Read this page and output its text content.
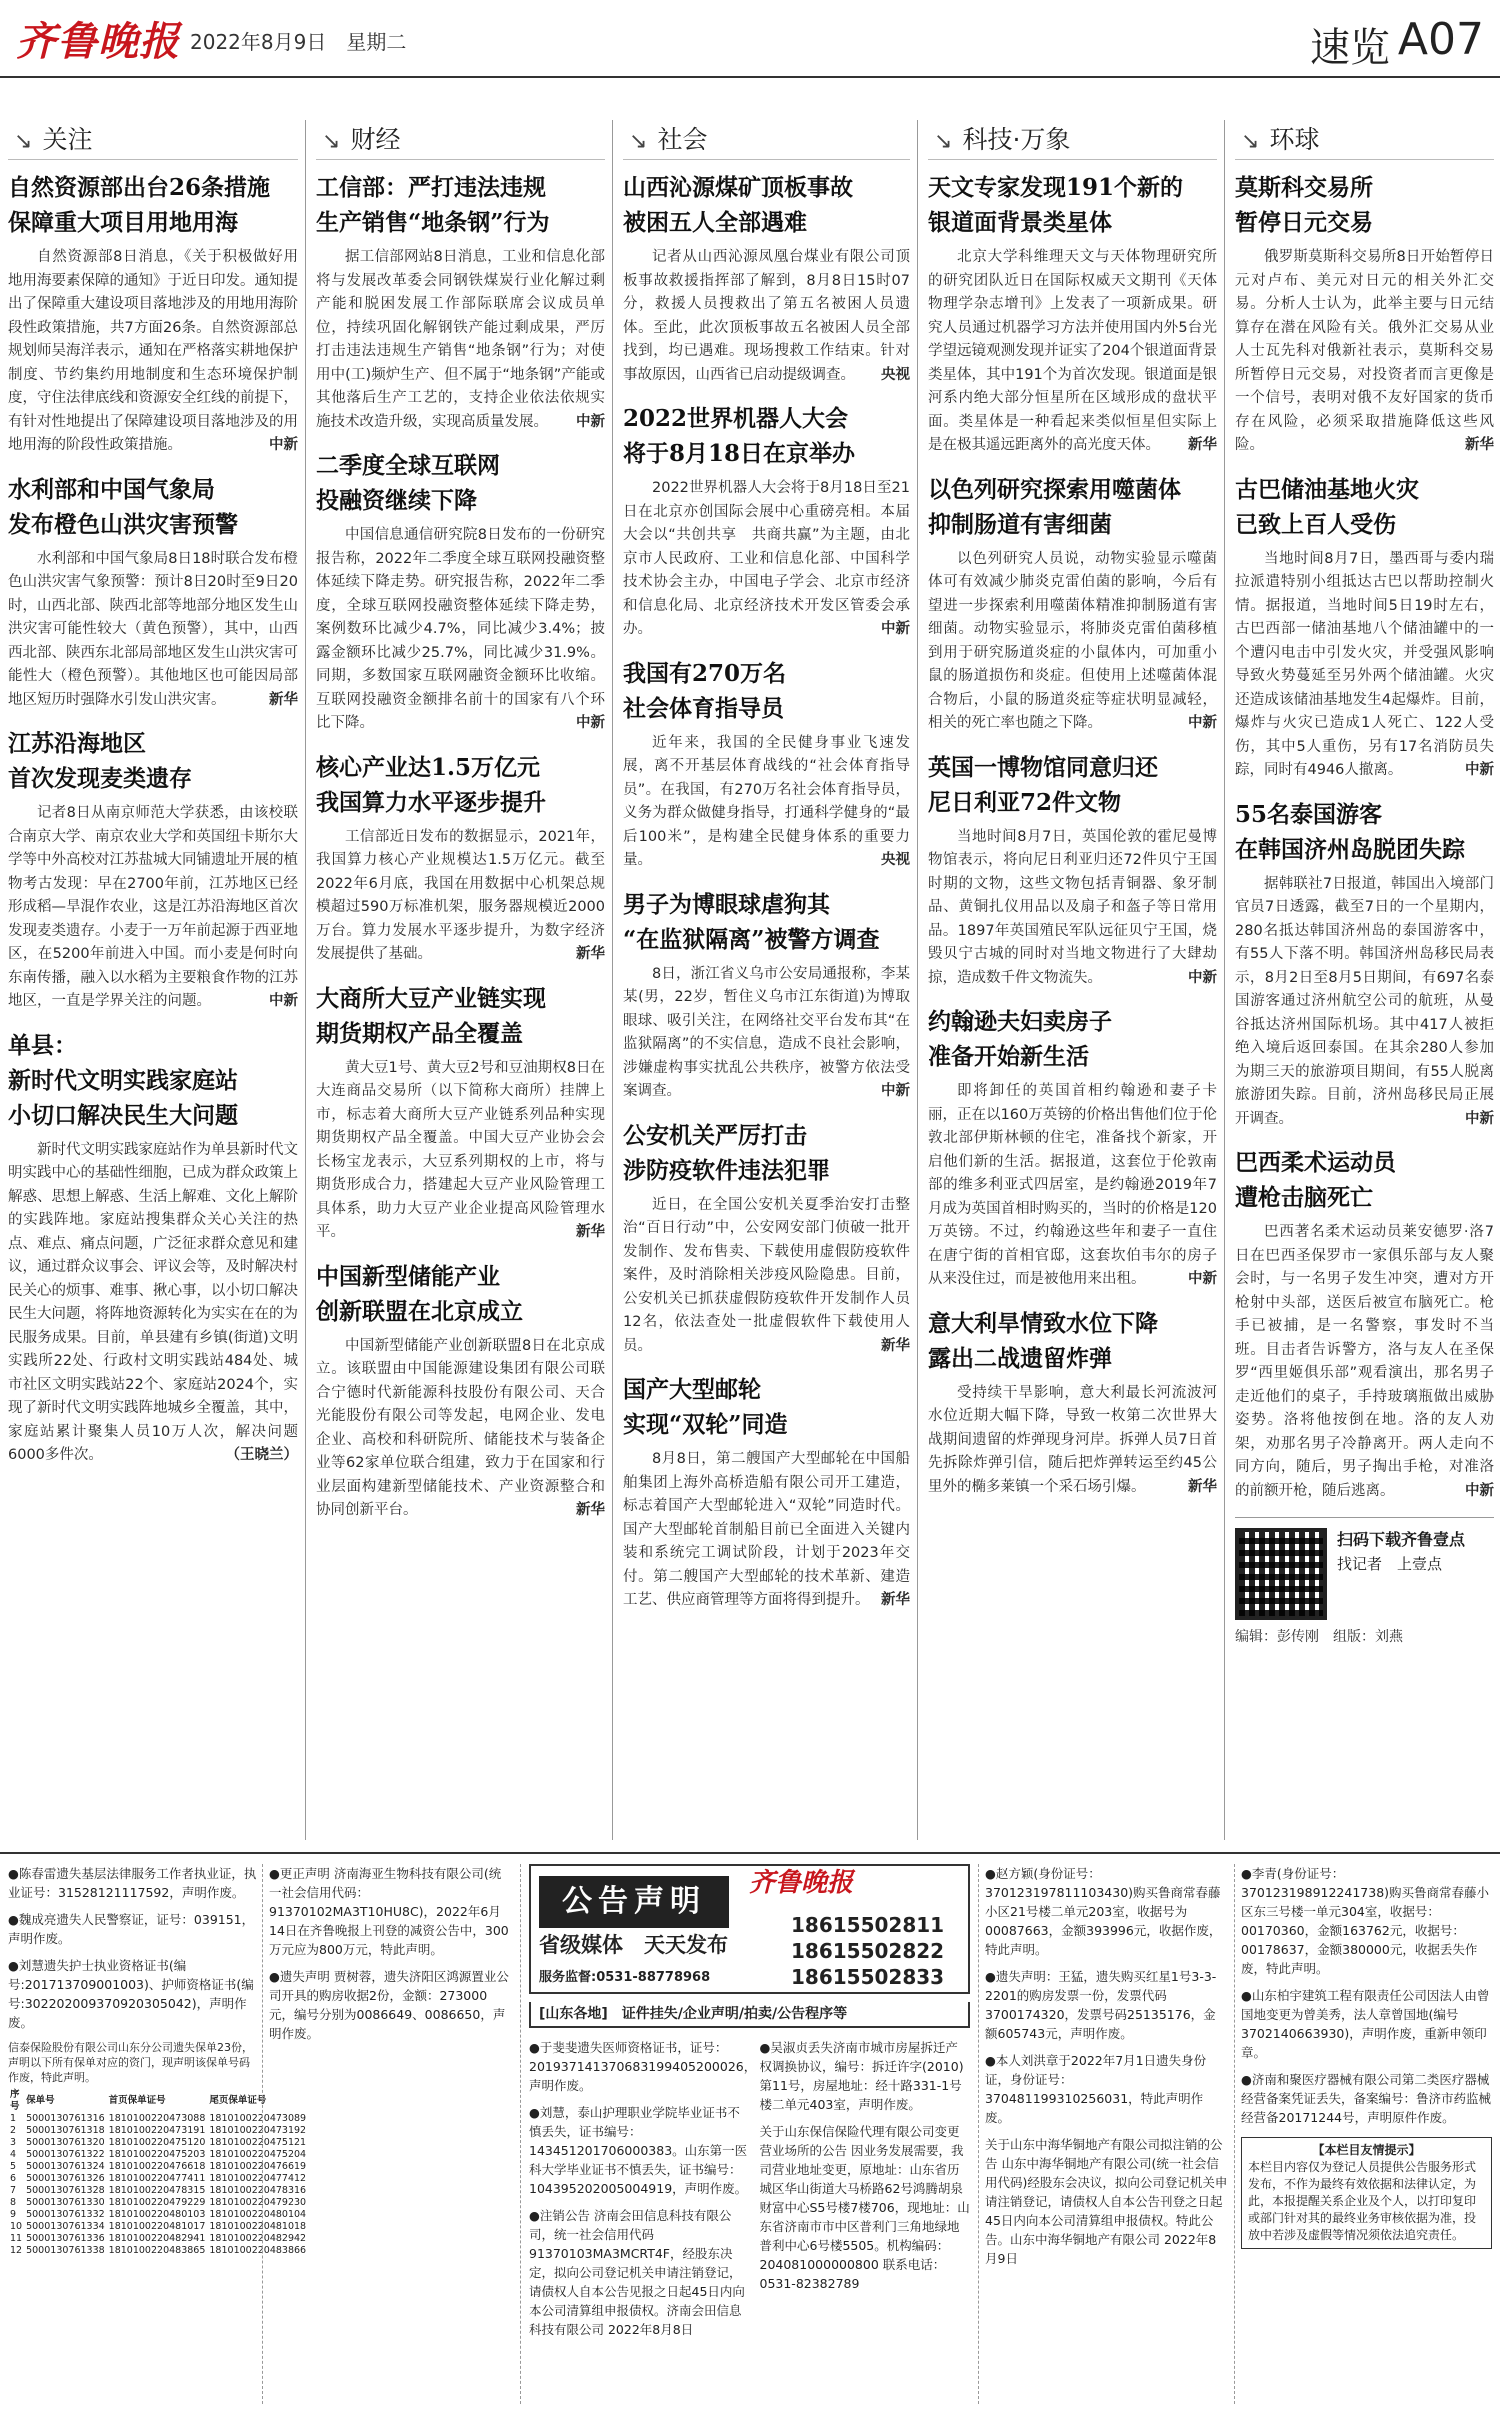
齐鲁晚报 2022年8月9日　星期二	速览 A07
↘ 关注
自然资源部出台26条措施
保障重大项目用地用海
自然资源部8日消息，《关于积极做好用地用海要素保障的通知》于近日印发。通知提出了保障重大建设项目落地涉及的用地用海阶段性政策措施，共7方面26条。自然资源部总规划师吴海洋表示，通知在严格落实耕地保护制度、节约集约用地制度和生态环境保护制度，守住法律底线和资源安全红线的前提下，有针对性地提出了保障建设项目落地涉及的用地用海的阶段性政策措施。	中新
水利部和中国气象局
发布橙色山洪灾害预警
水利部和中国气象局8日18时联合发布橙色山洪灾害气象预警：预计8日20时至9日20时，山西北部、陕西北部等地部分地区发生山洪灾害可能性较大（黄色预警），其中，山西西北部、陕西东北部局部地区发生山洪灾害可能性大（橙色预警）。其他地区也可能因局部地区短历时强降水引发山洪灾害。	新华
江苏沿海地区
首次发现麦类遗存
记者8日从南京师范大学获悉，由该校联合南京大学、南京农业大学和英国纽卡斯尔大学等中外高校对江苏盐城大同铺遗址开展的植物考古发现：早在2700年前，江苏地区已经形成稻—旱混作农业，这是江苏沿海地区首次发现麦类遗存。小麦于一万年前起源于西亚地区，在5200年前进入中国。而小麦是何时向东南传播，融入以水稻为主要粮食作物的江苏地区，一直是学界关注的问题。	中新
单县：
新时代文明实践家庭站
小切口解决民生大问题
新时代文明实践家庭站作为单县新时代文明实践中心的基础性细胞，已成为群众政策上解惑、思想上解惑、生活上解难、文化上解阶的实践阵地。家庭站搜集群众关心关注的热点、难点、痛点问题，广泛征求群众意见和建议，通过群众议事会、评议会等，及时解决村民关心的烦事、难事、揪心事，以小切口解决民生大问题，将阵地资源转化为实实在在的为民服务成果。目前，单县建有乡镇(街道)文明实践所22处、行政村文明实践站484处、城市社区文明实践站22个、家庭站2024个，实现了新时代文明实践阵地城乡全覆盖，其中，家庭站累计聚集人员10万人次，解决问题6000多件次。	（王晓兰）
↘ 财经
工信部：严打违法违规
生产销售“地条钢”行为
据工信部网站8日消息，工业和信息化部将与发展改革委会同钢铁煤炭行业化解过剩产能和脱困发展工作部际联席会议成员单位，持续巩固化解钢铁产能过剩成果，严厉打击违法违规生产销售“地条钢”行为；对使用中(工)频炉生产、但不属于“地条钢”产能或其他落后生产工艺的，支持企业依法依规实施技术改造升级，实现高质量发展。 中新
二季度全球互联网
投融资继续下降
中国信息通信研究院8日发布的一份研究报告称，2022年二季度全球互联网投融资整体延续下降走势。研究报告称，2022年二季度，全球互联网投融资整体延续下降走势，案例数环比减少4.7%，同比减少3.4%；披露金额环比减少25.7%，同比减少31.9%。同期，多数国家互联网融资金额环比收缩。互联网投融资金额排名前十的国家有八个环比下降。	中新
核心产业达1.5万亿元
我国算力水平逐步提升
工信部近日发布的数据显示，2021年，我国算力核心产业规模达1.5万亿元。截至2022年6月底，我国在用数据中心机架总规模超过590万标准机架，服务器规模近2000万台。算力发展水平逐步提升，为数字经济发展提供了基础。	新华
大商所大豆产业链实现
期货期权产品全覆盖
黄大豆1号、黄大豆2号和豆油期权8日在大连商品交易所（以下简称大商所）挂牌上市，标志着大商所大豆产业链系列品种实现期货期权产品全覆盖。中国大豆产业协会会长杨宝龙表示，大豆系列期权的上市，将与期货形成合力，搭建起大豆产业风险管理工具体系，助力大豆产业企业提高风险管理水平。	新华
中国新型储能产业
创新联盟在北京成立
中国新型储能产业创新联盟8日在北京成立。该联盟由中国能源建设集团有限公司联合宁德时代新能源科技股份有限公司、天合光能股份有限公司等发起，电网企业、发电企业、高校和科研院所、储能技术与装备企业等62家单位联合组建，致力于在国家和行业层面构建新型储能技术、产业资源整合和协同创新平台。	新华
↘ 社会
山西沁源煤矿顶板事故
被困五人全部遇难
记者从山西沁源凤凰台煤业有限公司顶板事故救援指挥部了解到，8月8日15时07分，救援人员搜救出了第五名被困人员遗体。至此，此次顶板事故五名被困人员全部找到，均已遇难。现场搜救工作结束。针对事故原因，山西省已启动提级调查。 央视
2022世界机器人大会
将于8月18日在京举办
2022世界机器人大会将于8月18日至21日在北京亦创国际会展中心重磅亮相。本届大会以“共创共享　共商共赢”为主题，由北京市人民政府、工业和信息化部、中国科学技术协会主办，中国电子学会、北京市经济和信息化局、北京经济技术开发区管委会承办。	中新
我国有270万名
社会体育指导员
近年来，我国的全民健身事业飞速发展，离不开基层体育战线的“社会体育指导员”。在我国，有270万名社会体育指导员，义务为群众做健身指导，打通科学健身的“最后100米”，是构建全民健身体系的重要力量。	央视
男子为博眼球虐狗其
“在监狱隔离”被警方调查
8日，浙江省义乌市公安局通报称，李某某(男，22岁，暂住义乌市江东街道)为博取眼球、吸引关注，在网络社交平台发布其“在监狱隔离”的不实信息，造成不良社会影响，涉嫌虚构事实扰乱公共秩序，被警方依法受案调查。	中新
公安机关严厉打击
涉防疫软件违法犯罪
近日，在全国公安机关夏季治安打击整治“百日行动”中，公安网安部门侦破一批开发制作、发布售卖、下载使用虚假防疫软件案件，及时消除相关涉疫风险隐患。目前，公安机关已抓获虚假防疫软件开发制作人员12名，依法查处一批虚假软件下载使用人员。	新华
国产大型邮轮
实现“双轮”同造
8月8日，第二艘国产大型邮轮在中国船舶集团上海外高桥造船有限公司开工建造，标志着国产大型邮轮进入“双轮”同造时代。国产大型邮轮首制船目前已全面进入关键内装和系统完工调试阶段，计划于2023年交付。第二艘国产大型邮轮的技术革新、建造工艺、供应商管理等方面将得到提升。 新华
↘ 科技·万象
天文专家发现191个新的
银道面背景类星体
北京大学科维理天文与天体物理研究所的研究团队近日在国际权威天文期刊《天体物理学杂志增刊》上发表了一项新成果。研究人员通过机器学习方法并使用国内外5台光学望远镜观测发现并证实了204个银道面背景类星体，其中191个为首次发现。银道面是银河系内绝大部分恒星所在区域形成的盘状平面。类星体是一种看起来类似恒星但实际上是在极其遥远距离外的高光度天体。 新华
以色列研究探索用噬菌体
抑制肠道有害细菌
以色列研究人员说，动物实验显示噬菌体可有效减少肺炎克雷伯菌的影响，今后有望进一步探索利用噬菌体精准抑制肠道有害细菌。动物实验显示，将肺炎克雷伯菌移植到用于研究肠道炎症的小鼠体内，可加重小鼠的肠道损伤和炎症。但使用上述噬菌体混合物后，小鼠的肠道炎症等症状明显减轻，相关的死亡率也随之下降。	中新
英国一博物馆同意归还
尼日利亚72件文物
当地时间8月7日，英国伦敦的霍尼曼博物馆表示，将向尼日利亚归还72件贝宁王国时期的文物，这些文物包括青铜器、象牙制品、黄铜扎仪用品以及扇子和盔子等日常用品。1897年英国殖民军队远征贝宁王国，烧毁贝宁古城的同时对当地文物进行了大肆劫掠，造成数千件文物流失。	中新
约翰逊夫妇卖房子
准备开始新生活
即将卸任的英国首相约翰逊和妻子卡丽，正在以160万英镑的价格出售他们位于伦敦北部伊斯林顿的住宅，准备找个新家，开启他们新的生活。据报道，这套位于伦敦南部的维多利亚式四居室，是约翰逊2019年7月成为英国首相时购买的，当时的价格是120万英镑。不过，约翰逊这些年和妻子一直住在唐宁街的首相官邸，这套坎伯韦尔的房子从来没住过，而是被他用来出租。	中新
意大利旱情致水位下降
露出二战遗留炸弹
受持续干旱影响，意大利最长河流波河水位近期大幅下降，导致一枚第二次世界大战期间遗留的炸弹现身河岸。拆弹人员7日首先拆除炸弹引信，随后把炸弹转运至约45公里外的椭多莱镇一个采石场引爆。	新华
↘ 环球
莫斯科交易所
暂停日元交易
俄罗斯莫斯科交易所8日开始暂停日元对卢布、美元对日元的相关外汇交易。分析人士认为，此举主要与日元结算存在潜在风险有关。俄外汇交易从业人士瓦先科对俄新社表示，莫斯科交易所暂停日元交易，对投资者而言更像是一个信号，表明对俄不友好国家的货币存在风险，必须采取措施降低这些风险。	新华
古巴储油基地火灾
已致上百人受伤
当地时间8月7日，墨西哥与委内瑞拉派遣特别小组抵达古巴以帮助控制火情。据报道，当地时间5日19时左右，古巴西部一储油基地八个储油罐中的一个遭闪电击中引发火灾，并受强风影响导致火势蔓延至另外两个储油罐。火灾还造成该储油基地发生4起爆炸。目前，爆炸与火灾已造成1人死亡、122人受伤，其中5人重伤，另有17名消防员失踪，同时有4946人撤离。	中新
55名泰国游客
在韩国济州岛脱团失踪
据韩联社7日报道，韩国出入境部门官员7日透露，截至7日的一个星期内，280名抵达韩国济州岛的泰国游客中，有55人下落不明。韩国济州岛移民局表示，8月2日至8月5日期间，有697名泰国游客通过济州航空公司的航班，从曼谷抵达济州国际机场。其中417人被拒绝入境后返回泰国。在其余280人参加为期三天的旅游项目期间，有55人脱离旅游团失踪。目前，济州岛移民局正展开调查。	中新
巴西柔术运动员
遭枪击脑死亡
巴西著名柔术运动员莱安德罗·洛7日在巴西圣保罗市一家俱乐部与友人聚会时，与一名男子发生冲突，遭对方开枪射中头部，送医后被宣布脑死亡。枪手已被捕，是一名警察，事发时不当班。目击者告诉警方，洛与友人在圣保罗“西里姬俱乐部”观看演出，那名男子走近他们的桌子，手持玻璃瓶做出威胁姿势。洛将他按倒在地。洛的友人劝架，劝那名男子冷静离开。两人走向不同方向，随后，男子掏出手枪，对准洛的前额开枪，随后逃离。	中新
扫码下载齐鲁壹点
找记者　上壹点
编辑：彭传刚　组版：刘燕
●陈春雷遗失基层法律服务工作者执业证，执业证号：31528121117592，声明作废。
●魏成亮遗失人民警察证，证号：039151，声明作废。
●刘慧遗失护士执业资格证书(编号:201713709001003)、护师资格证书(编号:302202009370920305042)，声明作废。
信泰保险股份有限公司山东分公司遗失保单23份，声明以下所有保单对应的资门，现声明该保单号码作废，特此声明。
序号	保单号	首页保单证号	尾页保单证号
1	5000130761316	1810100220473088	1810100220473089
2	5000130761318	1810100220473191	1810100220473192
3	5000130761320	1810100220475120	1810100220475121
4	5000130761322	1810100220475203	1810100220475204
5	5000130761324	1810100220476618	1810100220476619
6	5000130761326	1810100220477411	1810100220477412
7	5000130761328	1810100220478315	1810100220478316
8	5000130761330	1810100220479229	1810100220479230
9	5000130761332	1810100220480103	1810100220480104
10	5000130761334	1810100220481017	1810100220481018
11	5000130761336	1810100220482941	1810100220482942
12	5000130761338	1810100220483865	1810100220483866
●更正声明 济南海亚生物科技有限公司(统一社会信用代码：91370102MA3T10HU8C)，2022年6月14日在齐鲁晚报上刊登的减资公告中，300万元应为800万元，特此声明。
●遗失声明 贾树蓉，遗失济阳区鸿源置业公司开具的购房收据2份，金额：273000元，编号分别为0086649、0086650，声明作废。
公告声明
省级媒体　天天发布
齐鲁晚报
18615502811
18615502822
18615502833
服务监督:0531-88778968
[山东各地]　证件挂失/企业声明/拍卖/公告程序等
●于斐斐遗失医师资格证书，证号：201937141370683199405200026，声明作废。
●刘慧，泰山护理职业学院毕业证书不慎丢失，证书编号：143451201706000383。山东第一医科大学毕业证书不慎丢失，证书编号：104395202005004919，声明作废。
●注销公告 济南会田信息科技有限公司，统一社会信用代码91370103MA3MCRT4F，经股东决定，拟向公司登记机关申请注销登记，请债权人自本公告见报之日起45日内向本公司清算组申报债权。济南会田信息科技有限公司 2022年8月8日
●吴淑贞丢失济南市城市房屋拆迁产权调换协议，编号：拆迁许字(2010)第11号，房屋地址：经十路331-1号楼二单元403室，声明作废。
关于山东保信保险代理有限公司变更营业场所的公告 因业务发展需要，我司营业地址变更，原地址：山东省历城区华山街道大马桥路62号鸿腾胡泉财富中心S5号楼7楼706，现地址：山东省济南市市中区普利门三角地绿地普利中心6号楼5505。机构编码：204081000000800 联系电话：0531-82382789
●赵方颖(身份证号：370123197811103430)购买鲁商常春藤小区21号楼二单元203室，收据号为00087663，金额393996元，收据作废，特此声明。
●遗失声明：王猛，遗失购买红星1号3-3-2201的购房发票一份，发票代码3700174320，发票号码25135176，金额605743元，声明作废。
●本人刘洪章于2022年7月1日遗失身份证，身份证号：370481199310256031，特此声明作废。
关于山东中海华铜地产有限公司拟注销的公告 山东中海华铜地产有限公司(统一社会信用代码)经股东会决议，拟向公司登记机关申请注销登记，请债权人自本公告刊登之日起45日内向本公司清算组申报债权。特此公告。山东中海华铜地产有限公司 2022年8月9日
●李青(身份证号：370123198912241738)购买鲁商常春藤小区东三号楼一单元304室，收据号：00170360，金额163762元，收据号：00178637，金额380000元，收据丢失作废，特此声明。
●山东柏宇建筑工程有限责任公司因法人由曾国地变更为曾美秀，法人章曾国地(编号3702140663930)，声明作废，重新申领印章。
●济南和聚医疗器械有限公司第二类医疗器械经营备案凭证丢失，备案编号：鲁济市药监械经营备20171244号，声明原件作废。
【本栏目友情提示】
本栏目内容仅为登记人员提供公告服务形式发布，不作为最终有效依据和法律认定，为此，本报提醒关系企业及个人，以打印复印或部门针对其的最终业务审核依据为准，投放中若涉及虚假等情况须依法追究责任。
